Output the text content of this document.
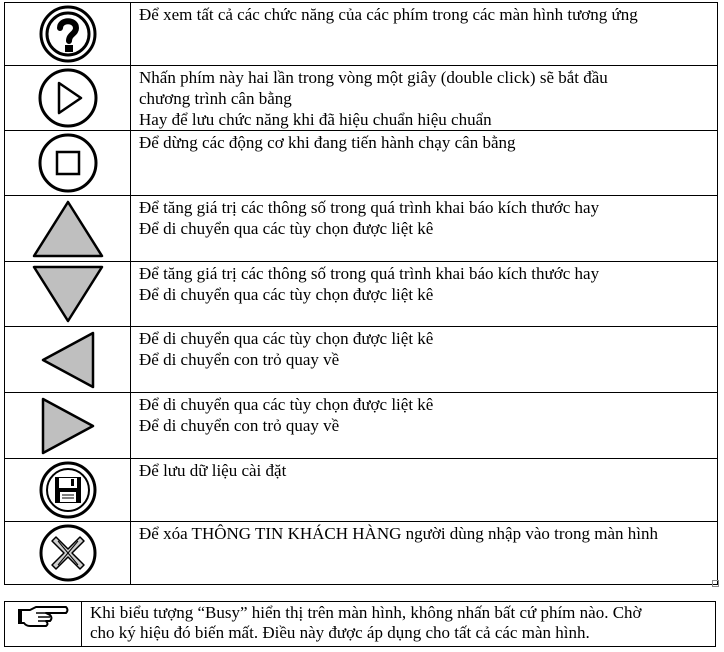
Để xem tất cả các chức năng của các phím trong các màn hình tương ứng

Nhấn phím này hai lần trong vòng một giây (double click) sẽ bắt đầu
chương trình cân bằng
Hay để lưu chức năng khi đã hiệu chuẩn hiệu chuẩn

Để dừng các động cơ khi đang tiến hành chạy cân bằng

Để tăng giá trị các thông số trong quá trình khai báo kích thước hay
Để di chuyển qua các tùy chọn được liệt kê

Để tăng giá trị các thông số trong quá trình khai báo kích thước hay
Để di chuyển qua các tùy chọn được liệt kê

Để di chuyển qua các tùy chọn được liệt kê
Để di chuyển con trỏ quay về

Để di chuyển qua các tùy chọn được liệt kê
Để di chuyển con trỏ quay về

Để lưu dữ liệu cài đặt

Để xóa THÔNG TIN KHÁCH HÀNG người dùng nhập vào trong màn hình
Khi biểu tượng “Busy” hiển thị trên màn hình, không nhấn bất cứ phím nào. Chờ
cho ký hiệu đó biến mất. Điều này được áp dụng cho tất cả các màn hình.
